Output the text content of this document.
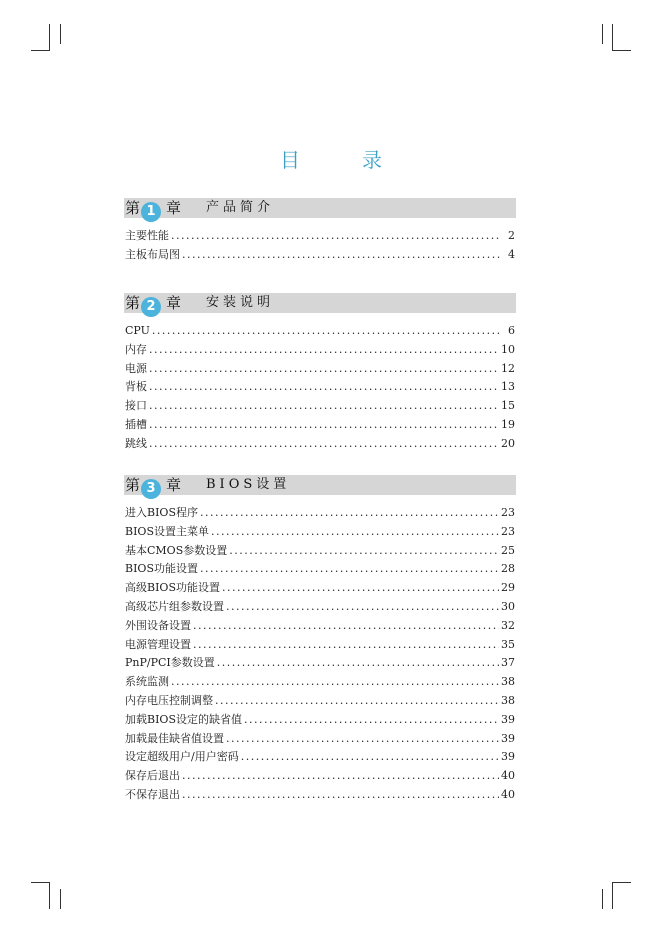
目	录
第 1 章 产品简介
主要性能 .....	2
主板布局图 .....	4
第 2 章 安装说明
CPU .....	6
内存 .....	10
电源 .....	12
背板 .....	13
接口 .....	15
插槽 .....	19
跳线 .....	20
第 3 章 BIOS设置
进入BIOS程序 .....	23
BIOS设置主菜单 .....	23
基本CMOS参数设置 .....	25
BIOS功能设置 .....	28
高级BIOS功能设置 .....	29
高级芯片组参数设置 .....	30
外围设备设置 .....	32
电源管理设置 .....	35
PnP/PCI参数设置 .....	37
系统监测 .....	38
内存电压控制调整 .....	38
加载BIOS设定的缺省值 .....	39
加载最佳缺省值设置 .....	39
设定超级用户/用户密码 .....	39
保存后退出 .....	40
不保存退出 .....	40
